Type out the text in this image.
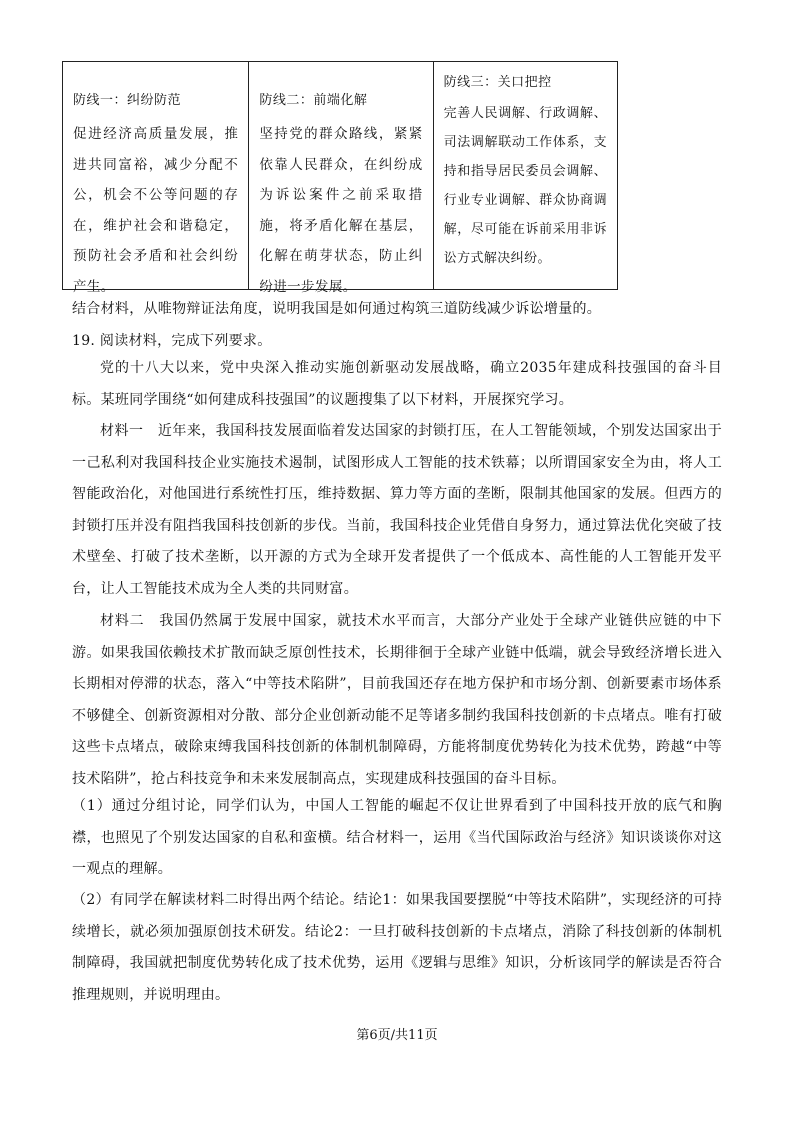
防线一：纠纷防范
促进经济高质量发展，推进共同富裕，减少分配不公，机会不公等问题的存在，维护社会和谐稳定，预防社会矛盾和社会纠纷产生。
防线二：前端化解
坚持党的群众路线，紧紧依靠人民群众，在纠纷成为诉讼案件之前采取措施，将矛盾化解在基层，化解在萌芽状态，防止纠纷进一步发展。
防线三：关口把控
完善人民调解、行政调解、司法调解联动工作体系，支持和指导居民委员会调解、行业专业调解、群众协商调解，尽可能在诉前采用非诉讼方式解决纠纷。
结合材料，从唯物辩证法角度，说明我国是如何通过构筑三道防线减少诉讼增量的。
19. 阅读材料，完成下列要求。
党的十八大以来，党中央深入推动实施创新驱动发展战略，确立2035年建成科技强国的奋斗目标。某班同学围绕“如何建成科技强国”的议题搜集了以下材料，开展探究学习。
材料一　近年来，我国科技发展面临着发达国家的封锁打压，在人工智能领域，个别发达国家出于一己私利对我国科技企业实施技术遏制，试图形成人工智能的技术铁幕；以所谓国家安全为由，将人工智能政治化，对他国进行系统性打压，维持数据、算力等方面的垄断，限制其他国家的发展。但西方的封锁打压并没有阻挡我国科技创新的步伐。当前，我国科技企业凭借自身努力，通过算法优化突破了技术壁垒、打破了技术垄断，以开源的方式为全球开发者提供了一个低成本、高性能的人工智能开发平台，让人工智能技术成为全人类的共同财富。
材料二　我国仍然属于发展中国家，就技术水平而言，大部分产业处于全球产业链供应链的中下游。如果我国依赖技术扩散而缺乏原创性技术，长期徘徊于全球产业链中低端，就会导致经济增长进入长期相对停滞的状态，落入“中等技术陷阱”，目前我国还存在地方保护和市场分割、创新要素市场体系不够健全、创新资源相对分散、部分企业创新动能不足等诸多制约我国科技创新的卡点堵点。唯有打破这些卡点堵点，破除束缚我国科技创新的体制机制障碍，方能将制度优势转化为技术优势，跨越“中等技术陷阱”，抢占科技竞争和未来发展制高点，实现建成科技强国的奋斗目标。
（1）通过分组讨论，同学们认为，中国人工智能的崛起不仅让世界看到了中国科技开放的底气和胸襟，也照见了个别发达国家的自私和蛮横。结合材料一，运用《当代国际政治与经济》知识谈谈你对这一观点的理解。
（2）有同学在解读材料二时得出两个结论。结论1：如果我国要摆脱“中等技术陷阱”，实现经济的可持续增长，就必须加强原创技术研发。结论2：一旦打破科技创新的卡点堵点，消除了科技创新的体制机制障碍，我国就把制度优势转化成了技术优势，运用《逻辑与思维》知识，分析该同学的解读是否符合推理规则，并说明理由。
第6页/共11页
